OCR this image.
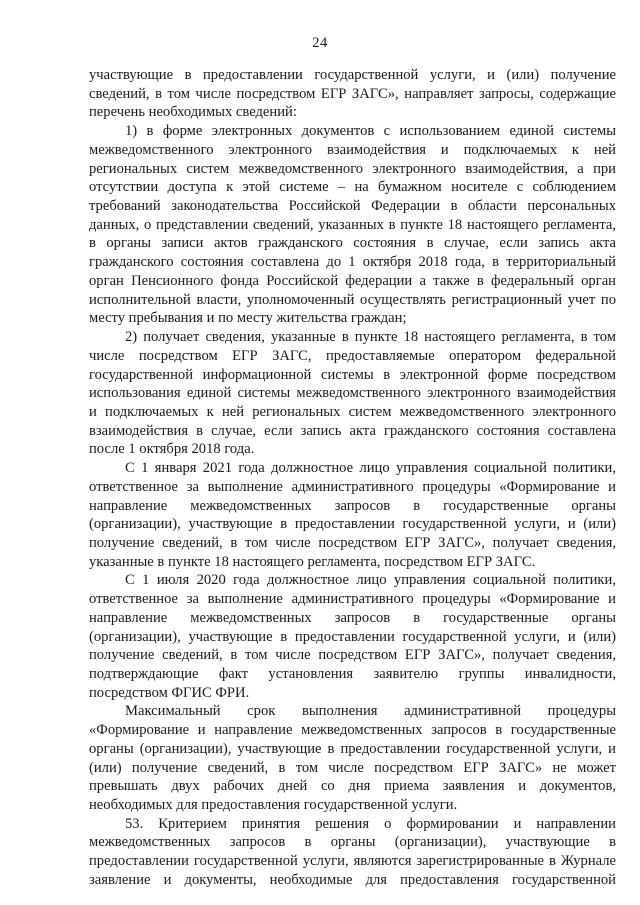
24
участвующие в предоставлении государственной услуги, и (или) получение
сведений, в том числе посредством ЕГР ЗАГС», направляет запросы, содержащие
перечень необходимых сведений:
1) в форме электронных документов с использованием единой системы
межведомственного электронного взаимодействия и подключаемых к ней
региональных систем межведомственного электронного взаимодействия, а при
отсутствии доступа к этой системе – на бумажном носителе с соблюдением
требований законодательства Российской Федерации в области персональных
данных, о представлении сведений, указанных в пункте 18 настоящего регламента,
в органы записи актов гражданского состояния в случае, если запись акта
гражданского состояния составлена до 1 октября 2018 года, в территориальный
орган Пенсионного фонда Российской федерации а также в федеральный орган
исполнительной власти, уполномоченный осуществлять регистрационный учет по
месту пребывания и по месту жительства граждан;
2) получает сведения, указанные в пункте 18 настоящего регламента, в том
числе посредством ЕГР ЗАГС, предоставляемые оператором федеральной
государственной информационной системы в электронной форме посредством
использования единой системы межведомственного электронного взаимодействия
и подключаемых к ней региональных систем межведомственного электронного
взаимодействия в случае, если запись акта гражданского состояния составлена
после 1 октября 2018 года.
С 1 января 2021 года должностное лицо управления социальной политики,
ответственное за выполнение административного процедуры «Формирование и
направление межведомственных запросов в государственные органы
(организации), участвующие в предоставлении государственной услуги, и (или)
получение сведений, в том числе посредством ЕГР ЗАГС», получает сведения,
указанные в пункте 18 настоящего регламента, посредством ЕГР ЗАГС.
С 1 июля 2020 года должностное лицо управления социальной политики,
ответственное за выполнение административного процедуры «Формирование и
направление межведомственных запросов в государственные органы
(организации), участвующие в предоставлении государственной услуги, и (или)
получение сведений, в том числе посредством ЕГР ЗАГС», получает сведения,
подтверждающие факт установления заявителю группы инвалидности,
посредством ФГИС ФРИ.
Максимальный срок выполнения административной процедуры
«Формирование и направление межведомственных запросов в государственные
органы (организации), участвующие в предоставлении государственной услуги, и
(или) получение сведений, в том числе посредством ЕГР ЗАГС» не может
превышать двух рабочих дней со дня приема заявления и документов,
необходимых для предоставления государственной услуги.
53. Критерием принятия решения о формировании и направлении
межведомственных запросов в органы (организации), участвующие в
предоставлении государственной услуги, являются зарегистрированные в Журнале
заявление и документы, необходимые для предоставления государственной
